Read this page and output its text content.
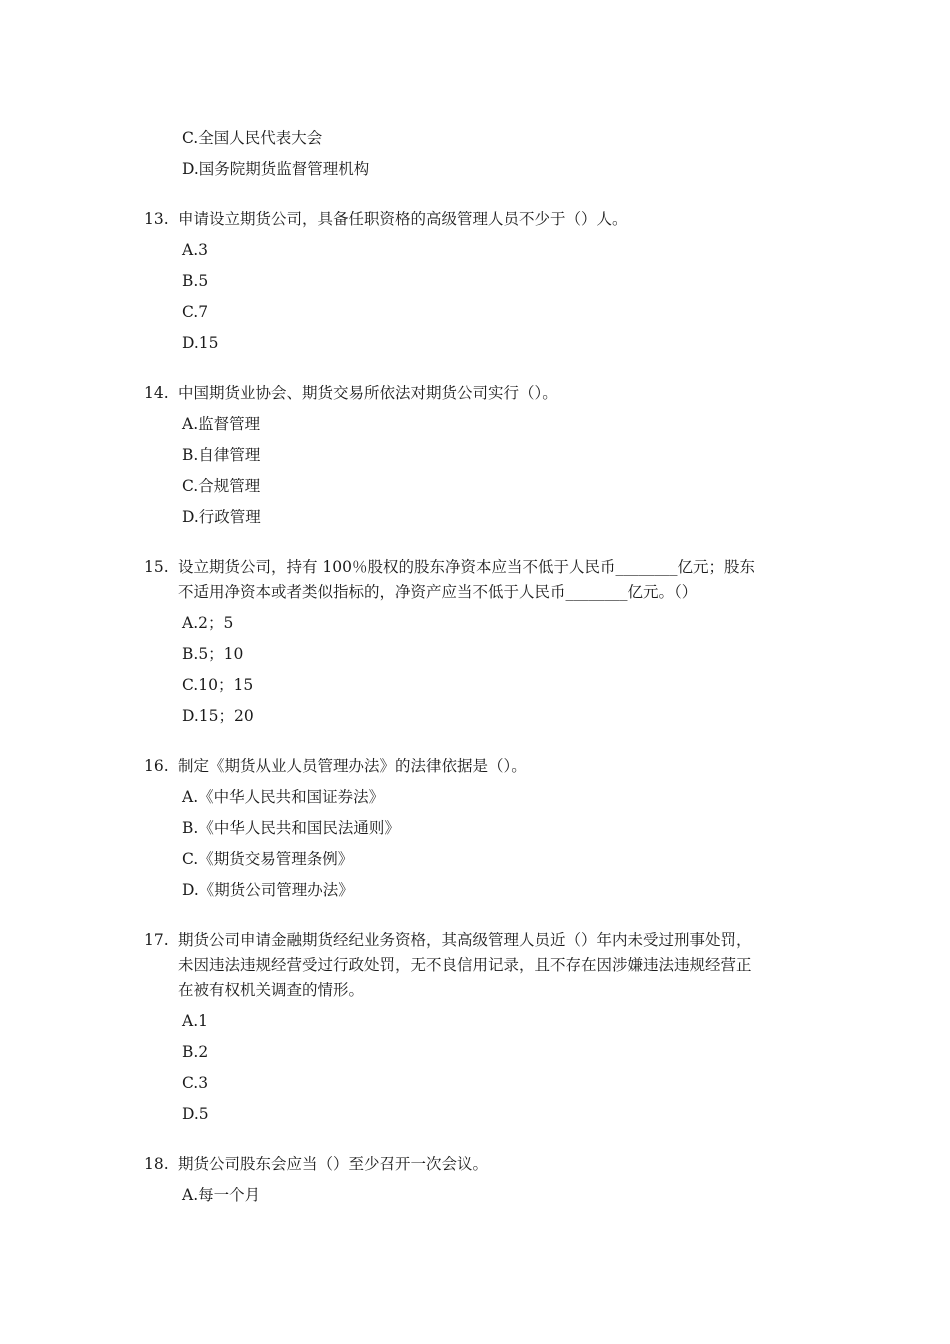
C.全国人民代表大会
D.国务院期货监督管理机构
13. 申请设立期货公司，具备任职资格的高级管理人员不少于（）人。
A.3
B.5
C.7
D.15
14. 中国期货业协会、期货交易所依法对期货公司实行（）。
A.监督管理
B.自律管理
C.合规管理
D.行政管理
15. 设立期货公司，持有 100％股权的股东净资本应当不低于人民币________亿元；股东
不适用净资本或者类似指标的，净资产应当不低于人民币________亿元。（）
A.2；5
B.5；10
C.10；15
D.15；20
16. 制定《期货从业人员管理办法》的法律依据是（）。
A.《中华人民共和国证券法》
B.《中华人民共和国民法通则》
C.《期货交易管理条例》
D.《期货公司管理办法》
17. 期货公司申请金融期货经纪业务资格，其高级管理人员近（）年内未受过刑事处罚，
未因违法违规经营受过行政处罚，无不良信用记录，且不存在因涉嫌违法违规经营正
在被有权机关调查的情形。
A.1
B.2
C.3
D.5
18. 期货公司股东会应当（）至少召开一次会议。
A.每一个月
